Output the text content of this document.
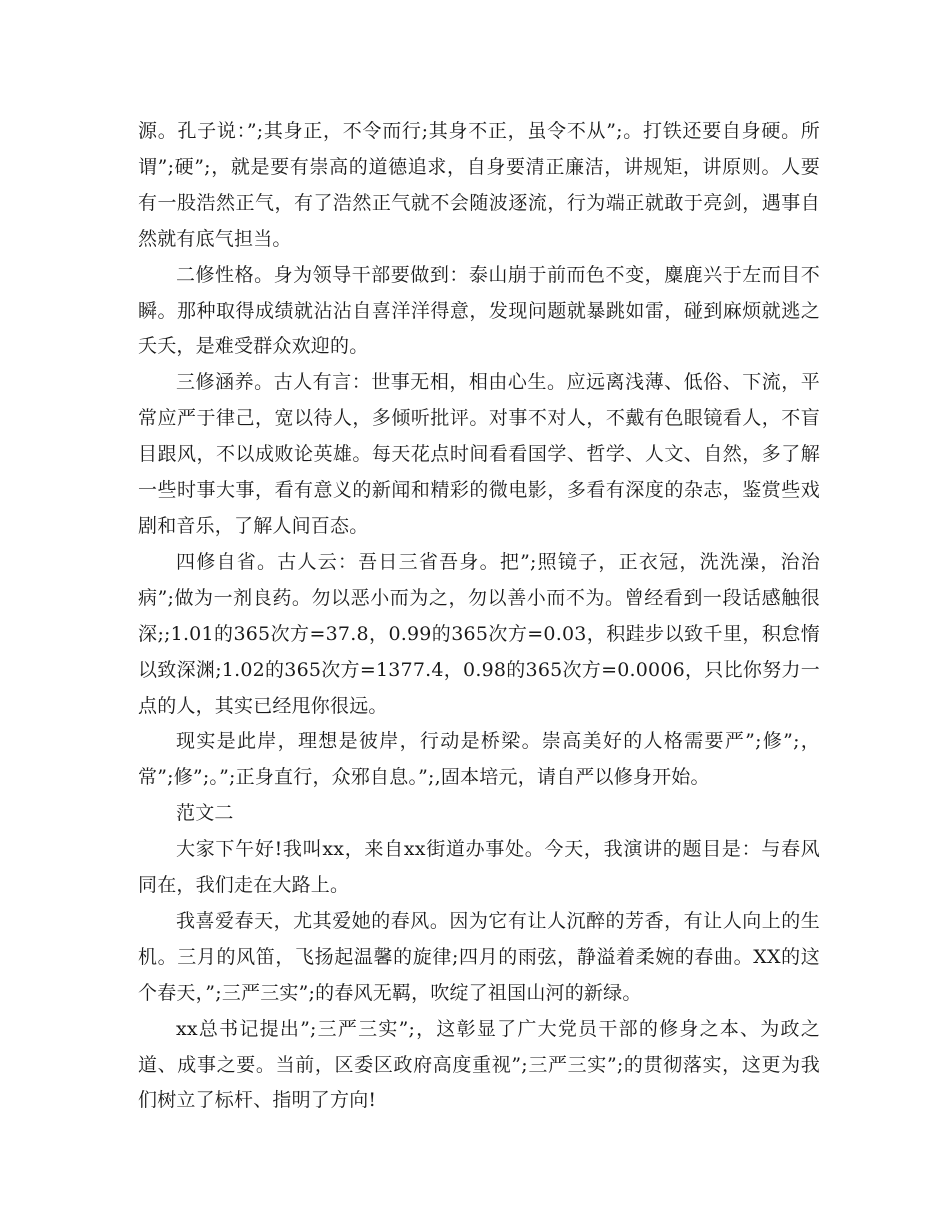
源。孔子说：”;其身正，不令而行;其身不正，虽令不从”;。打铁还要自身硬。所谓”;硬”;，就是要有崇高的道德追求，自身要清正廉洁，讲规矩，讲原则。人要有一股浩然正气，有了浩然正气就不会随波逐流，行为端正就敢于亮剑，遇事自然就有底气担当。

二修性格。身为领导干部要做到：泰山崩于前而色不变，麋鹿兴于左而目不瞬。那种取得成绩就沾沾自喜洋洋得意，发现问题就暴跳如雷，碰到麻烦就逃之夭夭，是难受群众欢迎的。

三修涵养。古人有言：世事无相，相由心生。应远离浅薄、低俗、下流，平常应严于律己，宽以待人，多倾听批评。对事不对人，不戴有色眼镜看人，不盲目跟风，不以成败论英雄。每天花点时间看看国学、哲学、人文、自然，多了解一些时事大事，看有意义的新闻和精彩的微电影，多看有深度的杂志，鉴赏些戏剧和音乐，了解人间百态。

四修自省。古人云：吾日三省吾身。把”;照镜子，正衣冠，洗洗澡，治治病”;做为一剂良药。勿以恶小而为之，勿以善小而不为。曾经看到一段话感触很深;;1.01的365次方=37.8，0.99的365次方=0.03，积跬步以致千里，积怠惰以致深渊;1.02的365次方=1377.4，0.98的365次方=0.0006，只比你努力一点的人，其实已经甩你很远。

现实是此岸，理想是彼岸，行动是桥梁。崇高美好的人格需要严”;修”;，常”;修”;。”;正身直行，众邪自息。”;,固本培元，请自严以修身开始。

范文二

大家下午好!我叫xx，来自xx街道办事处。今天，我演讲的题目是：与春风同在，我们走在大路上。

我喜爱春天，尤其爱她的春风。因为它有让人沉醉的芳香，有让人向上的生机。三月的风笛，飞扬起温馨的旋律;四月的雨弦，静溢着柔婉的春曲。XX的这个春天，”;三严三实”;的春风无羁，吹绽了祖国山河的新绿。

xx总书记提出”;三严三实”;，这彰显了广大党员干部的修身之本、为政之道、成事之要。当前，区委区政府高度重视”;三严三实”;的贯彻落实，这更为我们树立了标杆、指明了方向!
